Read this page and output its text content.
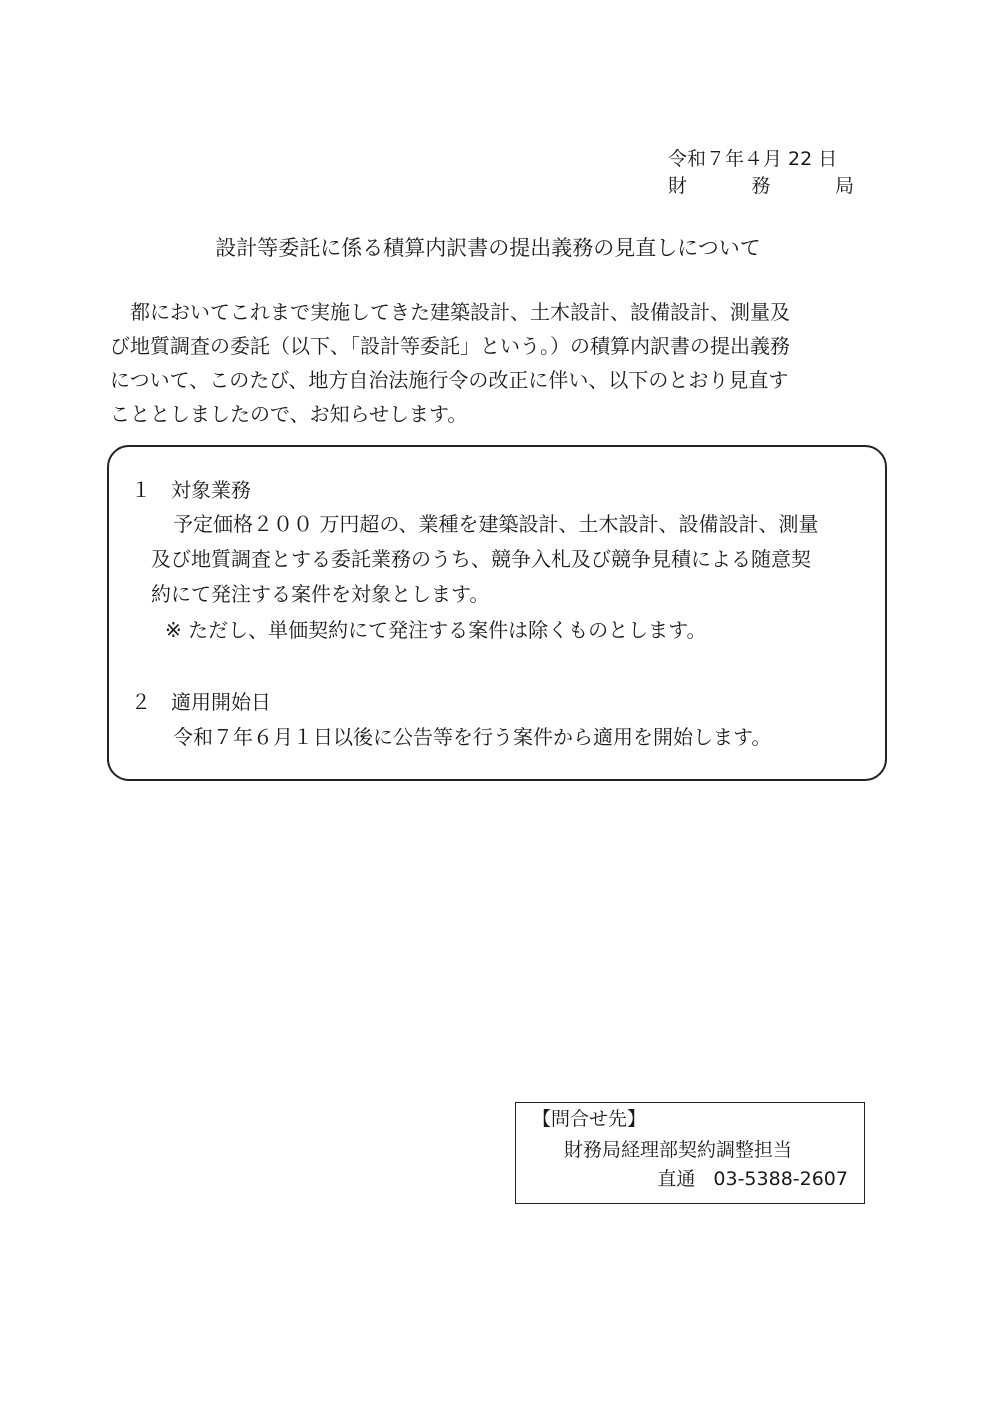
令和７年４月 22 日
財	務	局
設計等委託に係る積算内訳書の提出義務の見直しについて
都においてこれまで実施してきた建築設計、土木設計、設備設計、測量及
び地質調査の委託（以下、「設計等委託」という。）の積算内訳書の提出義務
について、このたび、地方自治法施行令の改正に伴い、以下のとおり見直す
こととしましたので、お知らせします。
１ 対象業務
予定価格２００ 万円超の、業種を建築設計、土木設計、設備設計、測量
及び地質調査とする委託業務のうち、競争入札及び競争見積による随意契
約にて発注する案件を対象とします。
※ ただし、単価契約にて発注する案件は除くものとします。
２ 適用開始日
令和７年６月１日以後に公告等を行う案件から適用を開始します。
【問合せ先】
財務局経理部契約調整担当
直通 03-5388-2607
